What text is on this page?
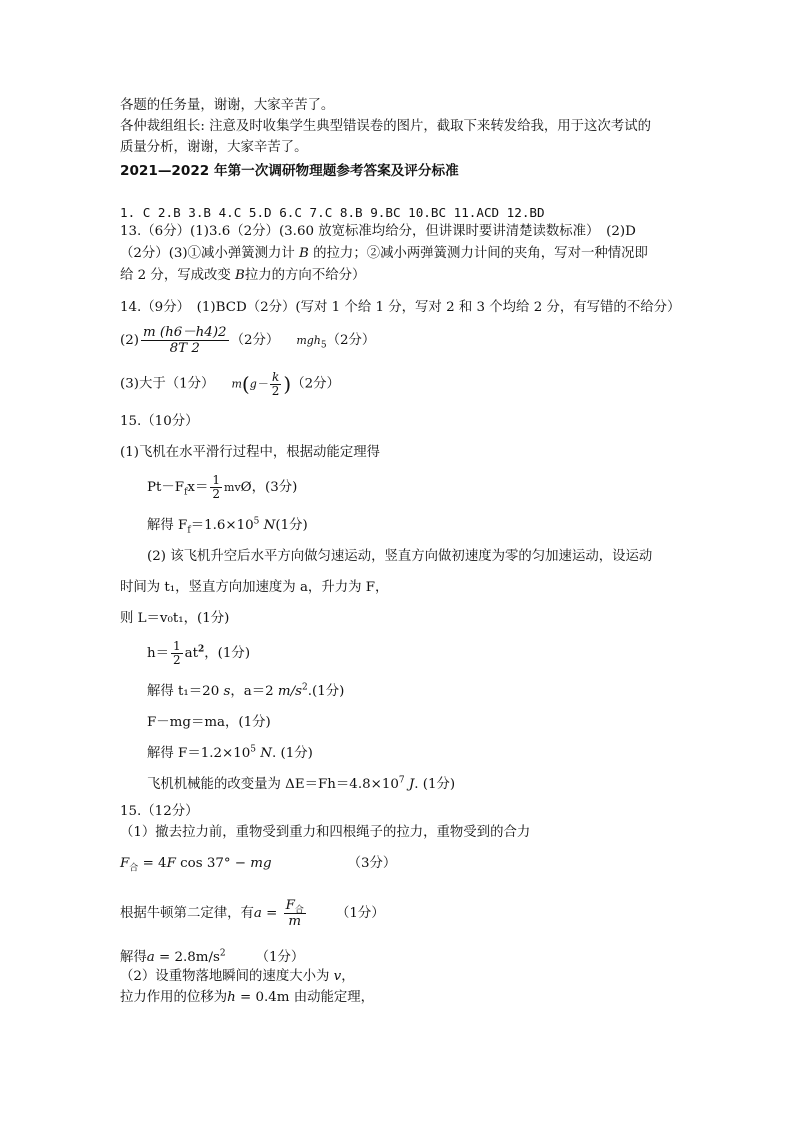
各题的任务量，谢谢，大家辛苦了。
各仲裁组组长: 注意及时收集学生典型错误卷的图片，截取下来转发给我，用于这次考试的
质量分析，谢谢，大家辛苦了。
2021—2022 年第一次调研物理题参考答案及评分标准
1. C 2.B 3.B 4.C 5.D 6.C 7.C 8.B 9.BC 10.BC 11.ACD 12.BD
13.（6分）(1)3.6（2分）(3.60 放宽标准均给分，但讲课时要讲清楚读数标准）　(2)D
（2分）(3)①减小弹簧测力计 B 的拉力；②减小两弹簧测力计间的夹角，写对一种情况即
给 2 分，写成改变 B拉力的方向不给分）
14.（9分）　(1)BCD（2分）(写对 1 个给 1 分，写对 2 和 3 个均给 2 分，有写错的不给分）
$(2) \frac{m (h6-h4)2}{8T 2} (2$分） mgh$_5$（2分）
(3)大于（1分） $m(g- \frac{k}{2} )(2$分）
15.（10分）
(1)飞机在水平滑行过程中，根据动能定理得
$Pt-F_fx= \frac{1}{2}$ mvØ，(3分)
解得 $F_f=1.6\times 10^5$ N(1分)
(2) 该飞机升空后水平方向做匀速运动，竖直方向做初速度为零的匀加速运动，设运动
时间为 t₁，竖直方向加速度为 a，升力为 F，
则 L＝v₀t₁，(1分)
$h= \frac{1}{2} at^2$，(1分)
解得 t₁＝20 s，a＝2 $m/s^2.(1$分)
F－mg＝ma，(1分)
解得 $F=1.2\times 10^5$ N. (1分)
飞机机械能的改变量为 $\Delta E=Fh=4.8\times 10^7$ J. (1分)
15.（12分）
（1）撤去拉力前，重物受到重力和四根绳子的拉力，重物受到的合力
$F_合 = 4F$ cos 37° − mg	（3分）
根据牛顿第二定律，有$a = \frac{F_合}{m} (1$分）
解得$a = 2.8m/s^2$ （1分）
（2）设重物落地瞬间的速度大小为 v，
拉力作用的位移为h = 0.4m 由动能定理，
